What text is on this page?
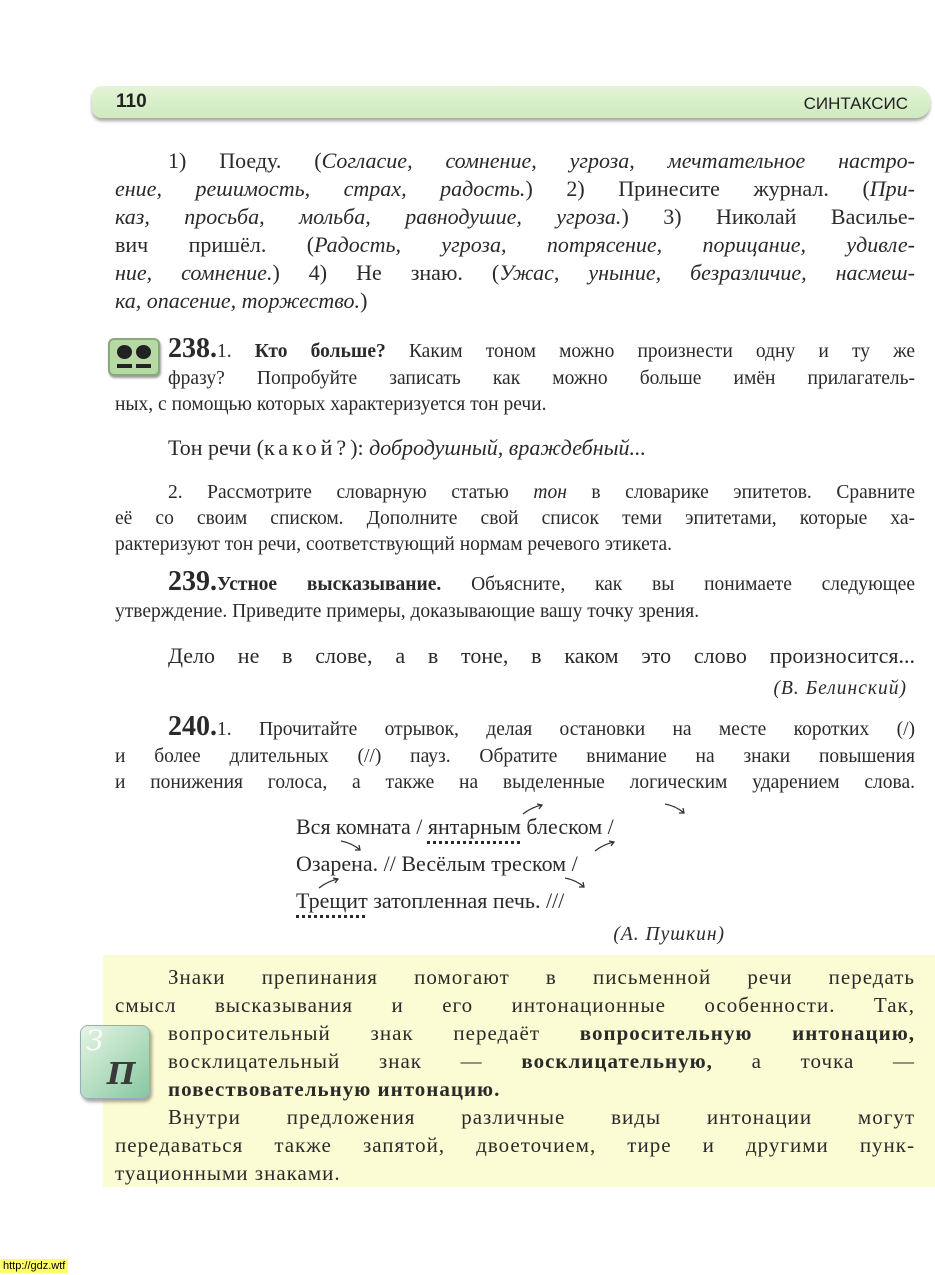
110	СИНТАКСИС
1) Поеду. (Согласие, сомнение, угроза, мечтательное настро-
ение, решимость, страх, радость.) 2) Принесите журнал. (При-
каз, просьба, мольба, равнодушие, угроза.) 3) Николай Василье-
вич пришёл. (Радость, угроза, потрясение, порицание, удивле-
ние, сомнение.) 4) Не знаю. (Ужас, уныние, безразличие, насмеш-
ка, опасение, торжество.)
238. 1. Кто больше? Каким тоном можно произнести одну и ту же
фразу? Попробуйте записать как можно больше имён прилагатель-
ных, с помощью которых характеризуется тон речи.
Тон речи (какой?): добродушный, враждебный...
2. Рассмотрите словарную статью тон в словарике эпитетов. Сравните
её со своим списком. Дополните свой список теми эпитетами, которые ха-
рактеризуют тон речи, соответствующий нормам речевого этикета.
239. Устное высказывание. Объясните, как вы понимаете следующее
утверждение. Приведите примеры, доказывающие вашу точку зрения.
Дело не в слове, а в тоне, в каком это слово произносится...
(В. Белинский)
240. 1. Прочитайте отрывок, делая остановки на месте коротких (/)
и более длительных (//) пауз. Обратите внимание на знаки повышения
и понижения голоса, а также на выделенные логическим ударением слова.
Вся комната / янтарным блеском /
Озарена. // Весёлым треском /
Трещит затопленная печь. ///
(А. Пушкин)
З
П
Знаки препинания помогают в письменной речи передать
смысл высказывания и его интонационные особенности. Так,
вопросительный знак передаёт вопросительную интонацию,
восклицательный знак — восклицательную, а точка —
повествовательную интонацию.
Внутри предложения различные виды интонации могут
передаваться также запятой, двоеточием, тире и другими пунк-
туационными знаками.
http://gdz.wtf
